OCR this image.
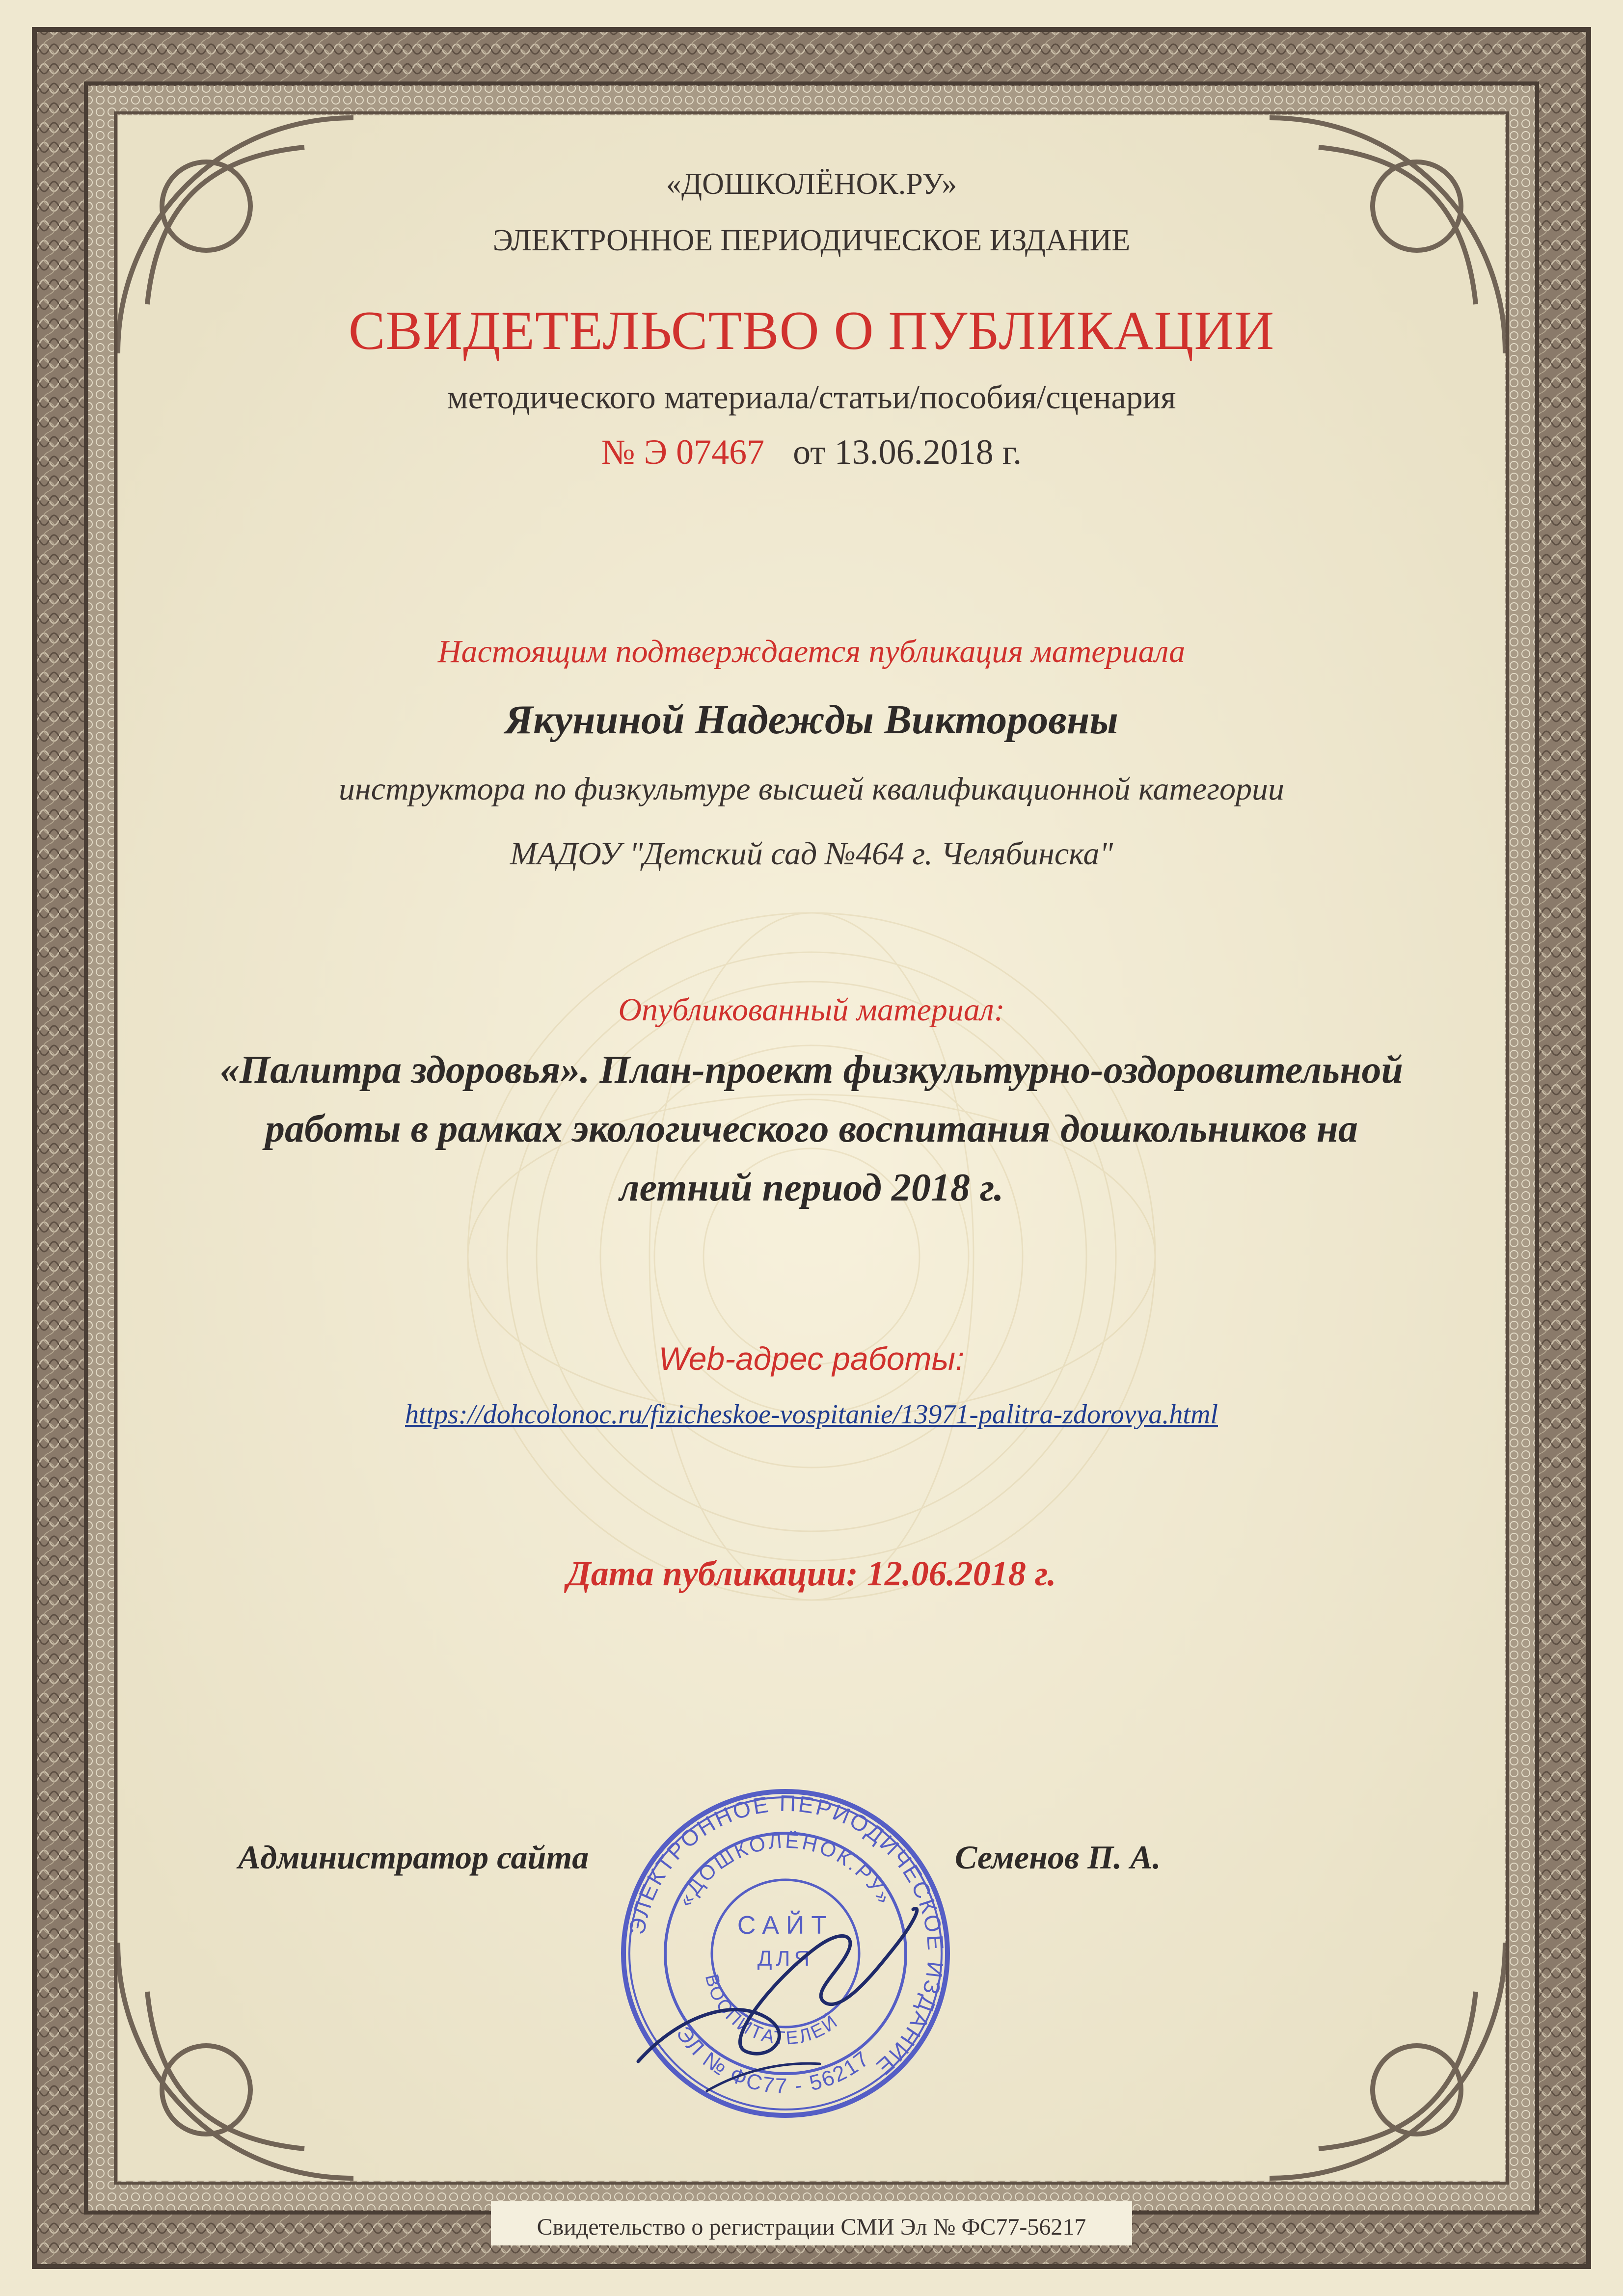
«ДОШКОЛЁНОК.РУ»

ЭЛЕКТРОННОЕ ПЕРИОДИЧЕСКОЕ ИЗДАНИЕ

СВИДЕТЕЛЬСТВО О ПУБЛИКАЦИИ

методического материала/статьи/пособия/сценария

№ Э 07467 от 13.06.2018 г.

Настоящим подтверждается публикация материала

Якуниной Надежды Викторовны

инструктора по физкультуре высшей квалификационной категории

МАДОУ "Детский сад №464 г. Челябинска"

Опубликованный материал:

«Палитра здоровья». План-проект физкультурно-оздоровительной

работы в рамках экологического воспитания дошкольников на

летний период 2018 г.

Web-адрес работы:

https://dohcolonoc.ru/fizicheskoe-vospitanie/13971-palitra-zdorovya.html

Дата публикации: 12.06.2018 г.

Администратор сайта	Семенов П. А.
ЭЛЕКТРОННОЕ ПЕРИОДИЧЕСКОЕ ИЗДАНИЕ
«ДОШКОЛЁНОК.РУ»
ЭЛ № ФС77 - 56217
САЙТ
ДЛЯ
ВОСПИТАТЕЛЕЙ

Свидетельство о регистрации СМИ Эл № ФС77-56217
